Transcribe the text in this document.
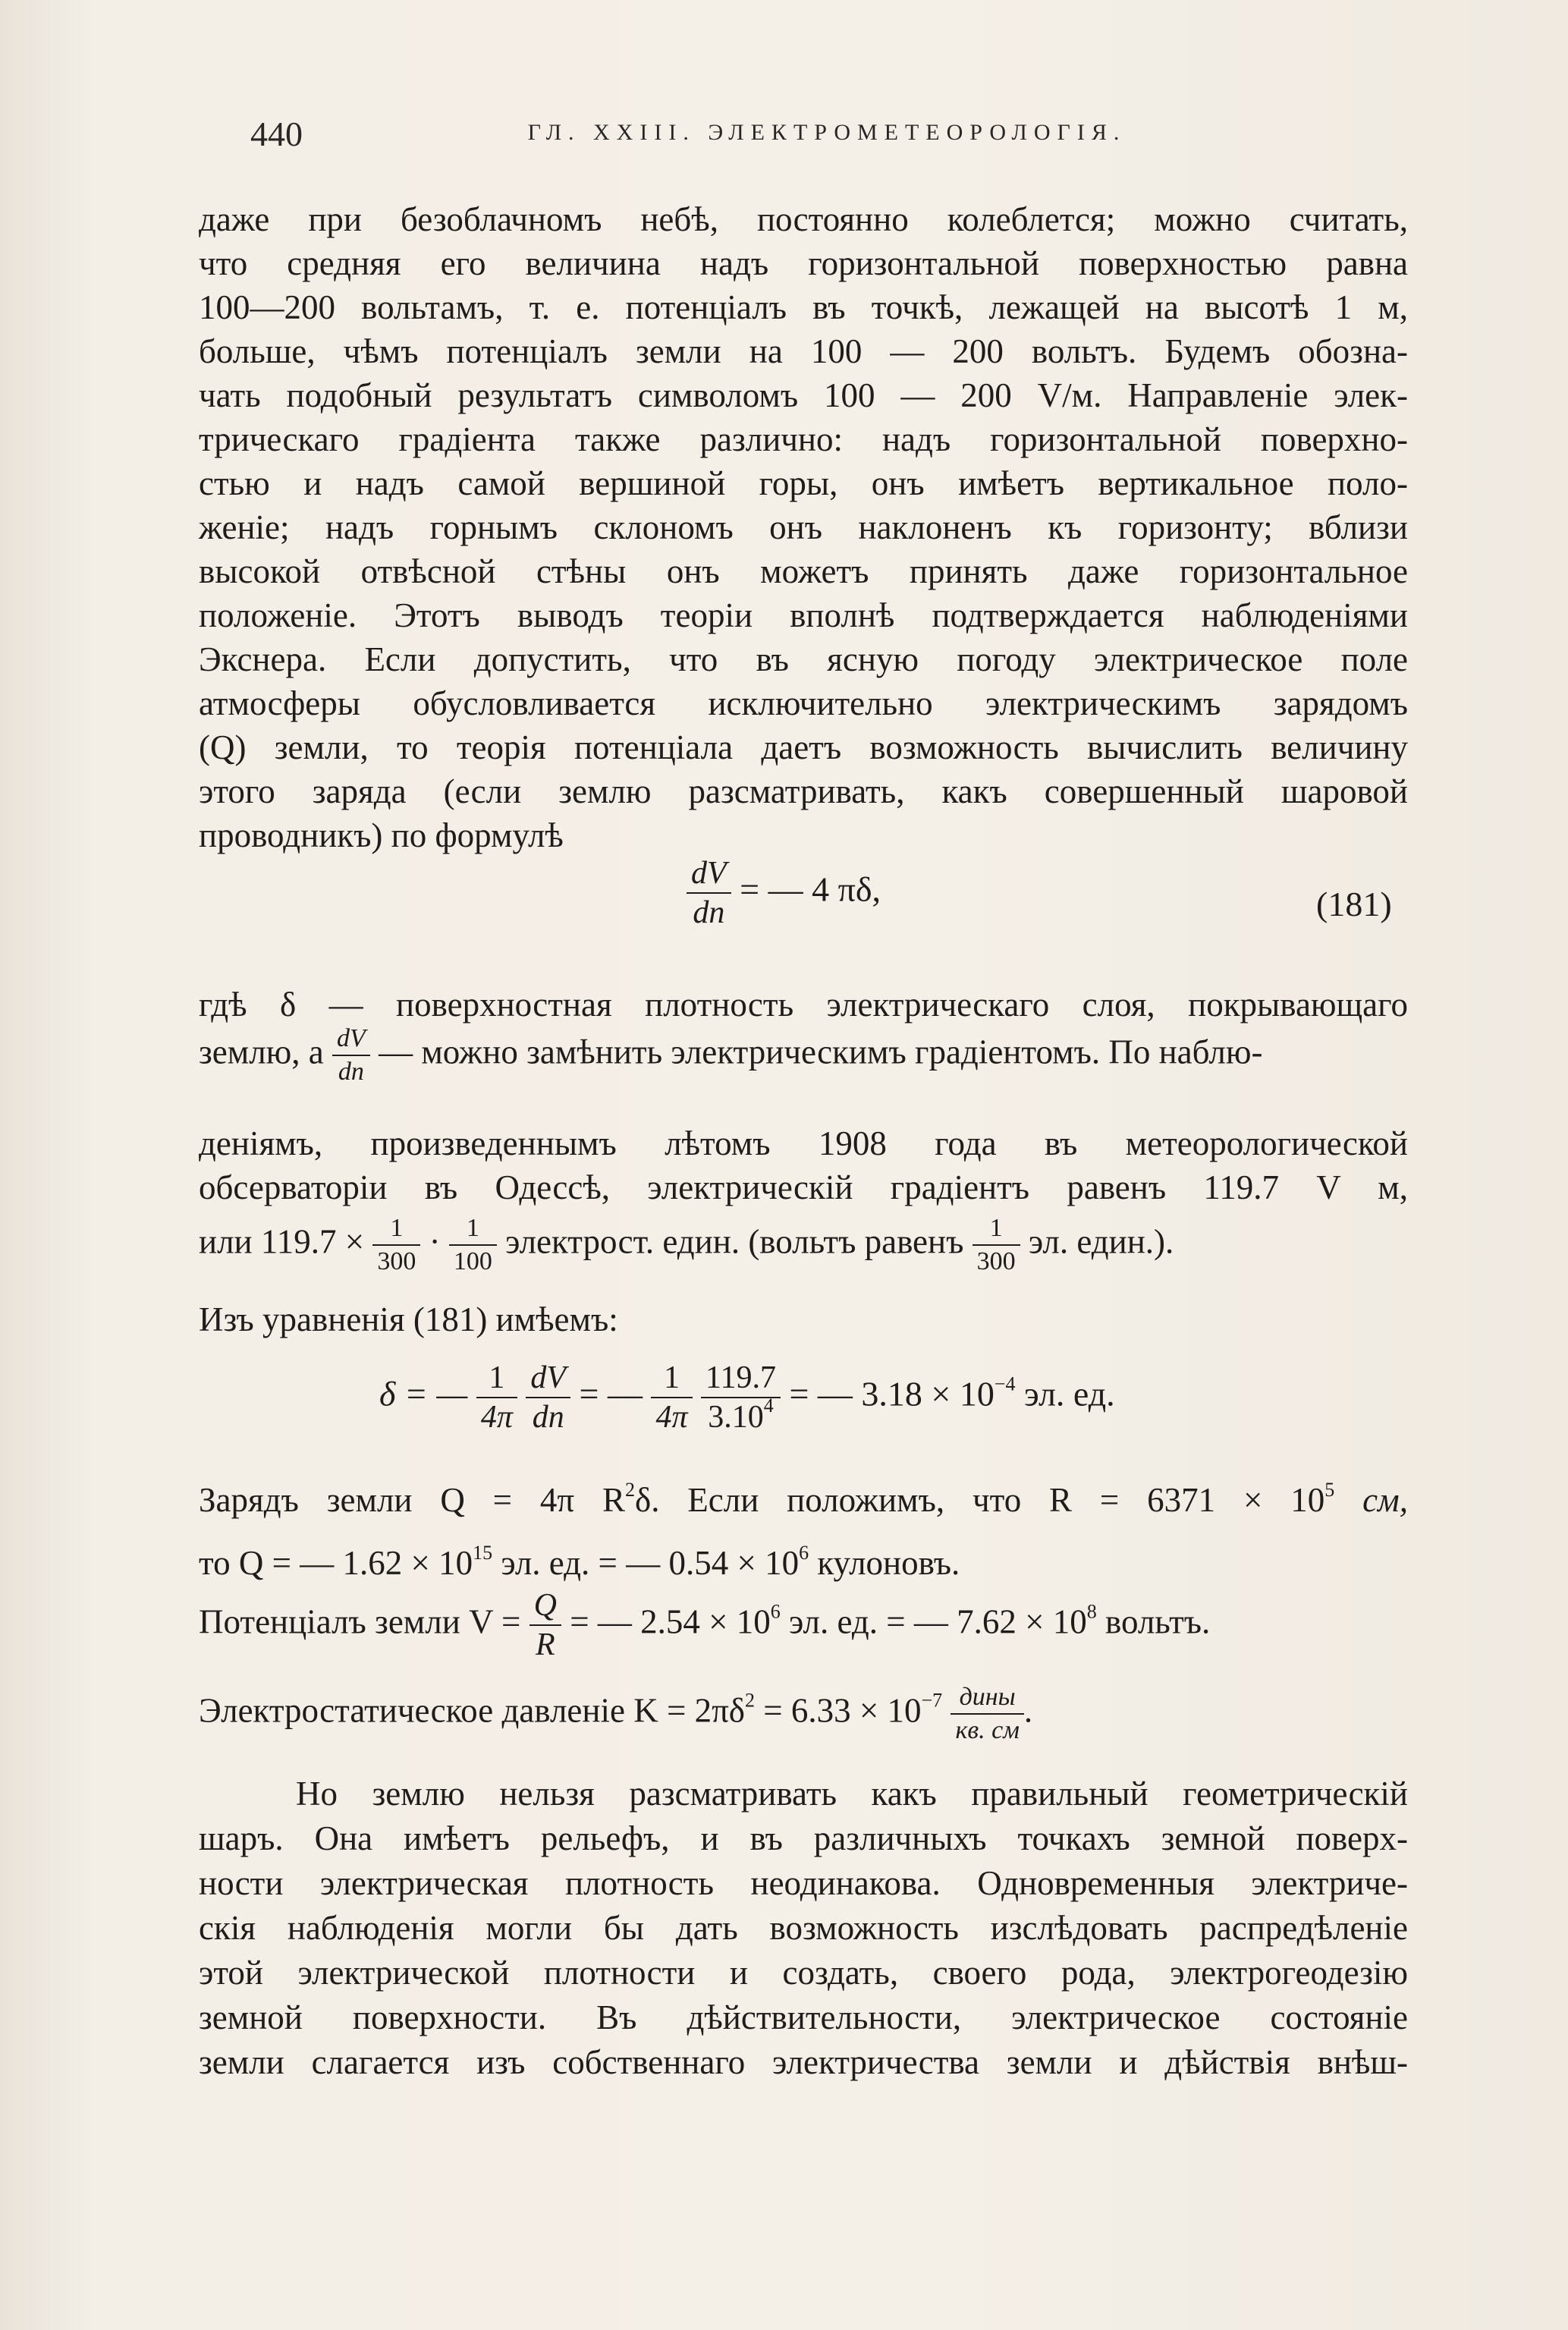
440	ГЛ. XXIII. ЭЛЕКТРОМЕТЕОРОЛОГІЯ.
даже при безоблачномъ небѣ, постоянно колеблется; можно считать,
что средняя его величина надъ горизонтальной поверхностью равна
100—200 вольтамъ, т. е. потенціалъ въ точкѣ, лежащей на высотѣ 1 м,
больше, чѣмъ потенціалъ земли на 100 — 200 вольтъ. Будемъ обозна-
чать подобный результатъ символомъ 100 — 200 V/м. Направленіе элек-
трическаго градіента также различно: надъ горизонтальной поверхно-
стью и надъ самой вершиной горы, онъ имѣетъ вертикальное поло-
женіе; надъ горнымъ склономъ онъ наклоненъ къ горизонту; вблизи
высокой отвѣсной стѣны онъ можетъ принять даже горизонтальное
положеніе. Этотъ выводъ теоріи вполнѣ подтверждается наблюденіями
Экснера. Если допустить, что въ ясную погоду электрическое поле
атмосферы обусловливается исключительно электрическимъ зарядомъ
(Q) земли, то теорія потенціала даетъ возможность вычислить величину
этого заряда (если землю разсматривать, какъ совершенный шаровой
проводникъ) по формулѣ
$\frac{dV}{dn}$ = — 4 πδ,	(181)
гдѣ δ — поверхностная плотность электрическаго слоя, покрывающаго
землю, а $\frac{dV}{dn}$ — можно замѣнить электрическимъ градіентомъ. По наблю-
деніямъ, произведеннымъ лѣтомъ 1908 года въ метеорологической
обсерваторіи въ Одессѣ, электрическій градіентъ равенъ 119.7 V м,
или $119.7 \times \frac{1}{300} \cdot \frac{1}{100}$ электрост. един. (вольтъ равенъ $\frac{1}{300}$ эл. един.).
Изъ уравненія (181) имѣемъ:
δ = — $\frac{1}{4\pi}$
$\frac{dV}{dn}$ = — $\frac{1}{4\pi}$
$\frac{119.7}{3.10^4}$ = — $3.18 \times 10^{-4}$ эл. ед.
Зарядъ земли Q = 4π $R^2\delta$. Если положимъ, что $R = 6371 \times 10^5$ см,
то Q = — $1.62 \times 10^{15}$ эл. ед. = — $0.54 \times 10^6$ кулоновъ.
Потенціалъ земли $V = \frac{Q}{R}$ = — $2.54 \times 10^6$ эл. ед. = — $7.62 \times 10^8$ вольтъ.
Электростатическое давленіе $K = 2\pi\delta^2 = 6.33 \times 10^{-7} \frac{\text{дины}}{кв. см}$ .
Но землю нельзя разсматривать какъ правильный геометрическій
шаръ. Она имѣетъ рельефъ, и въ различныхъ точкахъ земной поверх-
ности электрическая плотность неодинакова. Одновременныя электриче-
скія наблюденія могли бы дать возможность изслѣдовать распредѣленіе
этой электрической плотности и создать, своего рода, электрогеодезію
земной поверхности. Въ дѣйствительности, электрическое состояніе
земли слагается изъ собственнаго электричества земли и дѣйствія внѣш-
